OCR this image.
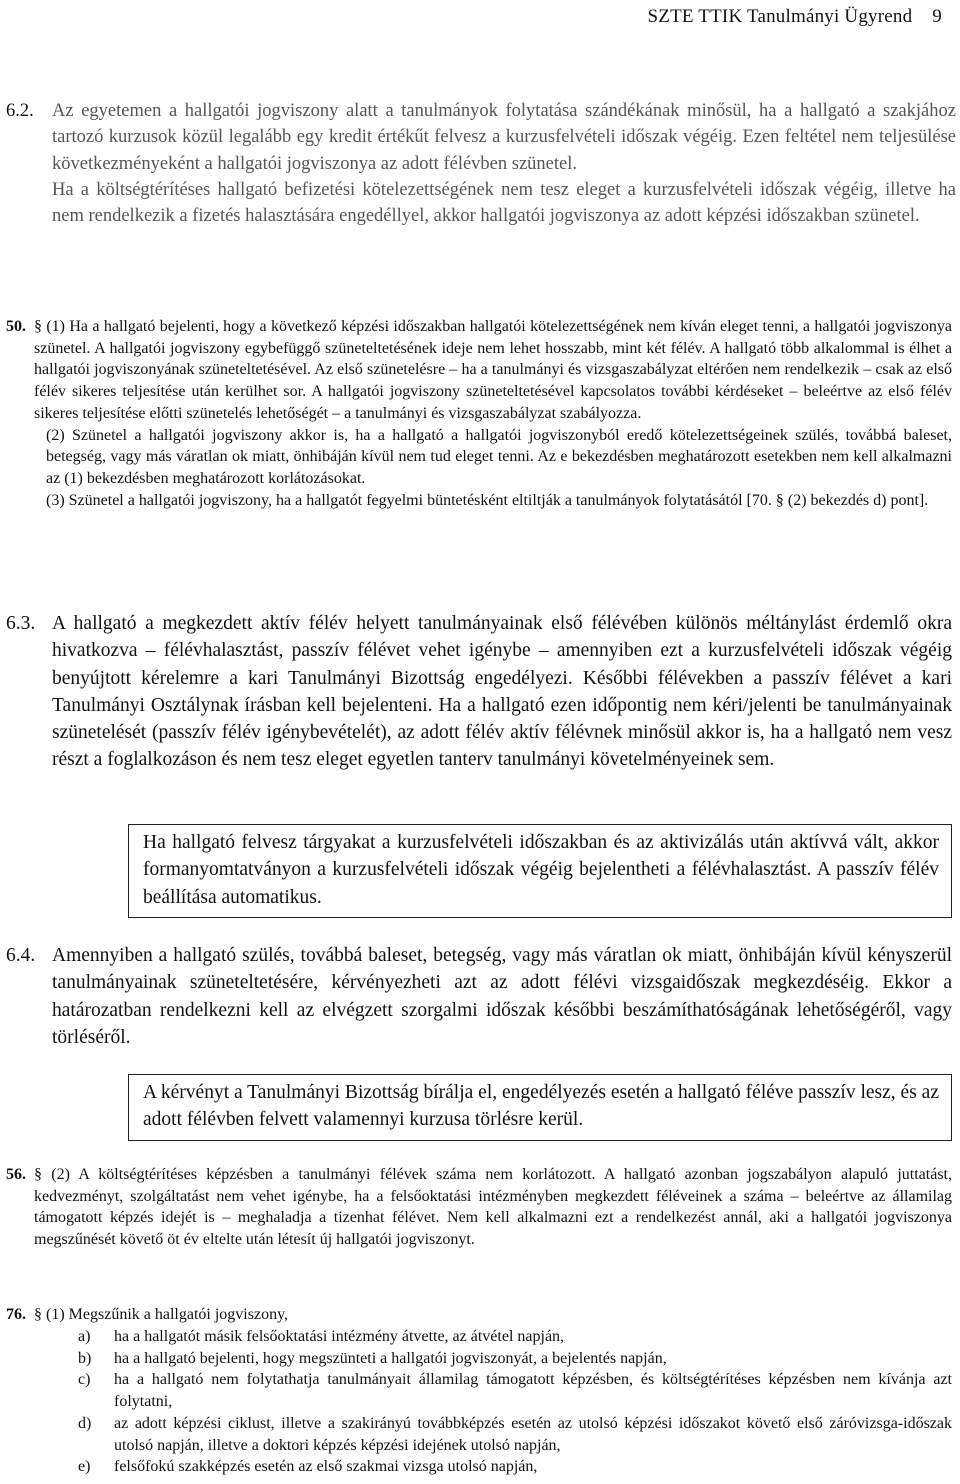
SZTE TTIK Tanulmányi Ügyrend 9
6.2. Az egyetemen a hallgatói jogviszony alatt a tanulmányok folytatása szándékának minősül, ha a hallgató a szakjához tartozó kurzusok közül legalább egy kredit értékűt felvesz a kurzusfelvételi időszak végéig. Ezen feltétel nem teljesülése következményeként a hallgatói jogviszonya az adott félévben szünetel.

Ha a költségtérítéses hallgató befizetési kötelezettségének nem tesz eleget a kurzusfelvételi időszak végéig, illetve ha nem rendelkezik a fizetés halasztására engedéllyel, akkor hallgatói jogviszonya az adott képzési időszakban szünetel.

50. § (1) Ha a hallgató bejelenti, hogy a következő képzési időszakban hallgatói kötelezettségének nem kíván eleget tenni, a hallgatói jogviszonya szünetel. A hallgatói jogviszony egybefüggő szüneteltetésének ideje nem lehet hosszabb, mint két félév. A hallgató több alkalommal is élhet a hallgatói jogviszonyának szüneteltetésével. Az első szünetelésre – ha a tanulmányi és vizsgaszabályzat eltérően nem rendelkezik – csak az első félév sikeres teljesítése után kerülhet sor. A hallgatói jogviszony szüneteltetésével kapcsolatos további kérdéseket – beleértve az első félév sikeres teljesítése előtti szünetelés lehetőségét – a tanulmányi és vizsgaszabályzat szabályozza.

(2) Szünetel a hallgatói jogviszony akkor is, ha a hallgató a hallgatói jogviszonyból eredő kötelezettségeinek szülés, továbbá baleset, betegség, vagy más váratlan ok miatt, önhibáján kívül nem tud eleget tenni. Az e bekezdésben meghatározott esetekben nem kell alkalmazni az (1) bekezdésben meghatározott korlátozásokat.

(3) Szünetel a hallgatói jogviszony, ha a hallgatót fegyelmi büntetésként eltiltják a tanulmányok folytatásától [70. § (2) bekezdés d) pont].

6.3. A hallgató a megkezdett aktív félév helyett tanulmányainak első félévében különös méltánylást érdemlő okra hivatkozva – félévhalasztást, passzív félévet vehet igénybe – amennyiben ezt a kurzusfelvételi időszak végéig benyújtott kérelemre a kari Tanulmányi Bizottság engedélyezi. Későbbi félévekben a passzív félévet a kari Tanulmányi Osztálynak írásban kell bejelenteni. Ha a hallgató ezen időpontig nem kéri/jelenti be tanulmányainak szünetelését (passzív félév igénybevételét), az adott félév aktív félévnek minősül akkor is, ha a hallgató nem vesz részt a foglalkozáson és nem tesz eleget egyetlen tanterv tanulmányi követelményeinek sem.

Ha hallgató felvesz tárgyakat a kurzusfelvételi időszakban és az aktivizálás után aktívvá vált, akkor formanyomtatványon a kurzusfelvételi időszak végéig bejelentheti a félévhalasztást. A passzív félév beállítása automatikus.
6.4. Amennyiben a hallgató szülés, továbbá baleset, betegség, vagy más váratlan ok miatt, önhibáján kívül kényszerül tanulmányainak szüneteltetésére, kérvényezheti azt az adott félévi vizsgaidőszak megkezdéséig. Ekkor a határozatban rendelkezni kell az elvégzett szorgalmi időszak későbbi beszámíthatóságának lehetőségéről, vagy törléséről.

A kérvényt a Tanulmányi Bizottság bírálja el, engedélyezés esetén a hallgató féléve passzív lesz, és az adott félévben felvett valamennyi kurzusa törlésre kerül.
56. § (2) A költségtérítéses képzésben a tanulmányi félévek száma nem korlátozott. A hallgató azonban jogszabályon alapuló juttatást, kedvezményt, szolgáltatást nem vehet igénybe, ha a felsőoktatási intézményben megkezdett féléveinek a száma – beleértve az államilag támogatott képzés idejét is – meghaladja a tizenhat félévet. Nem kell alkalmazni ezt a rendelkezést annál, aki a hallgatói jogviszonya megszűnését követő öt év eltelte után létesít új hallgatói jogviszonyt.

76. § (1) Megszűnik a hallgatói jogviszony,

a)	ha a hallgatót másik felsőoktatási intézmény átvette, az átvétel napján,
b)	ha a hallgató bejelenti, hogy megszünteti a hallgatói jogviszonyát, a bejelentés napján,
c)	ha a hallgató nem folytathatja tanulmányait államilag támogatott képzésben, és költségtérítéses képzésben nem kívánja azt folytatni,
d)	az adott képzési ciklust, illetve a szakirányú továbbképzés esetén az utolsó képzési időszakot követő első záróvizsga-időszak utolsó napján, illetve a doktori képzés képzési idejének utolsó napján,
e)	felsőfokú szakképzés esetén az első szakmai vizsga utolsó napján,
